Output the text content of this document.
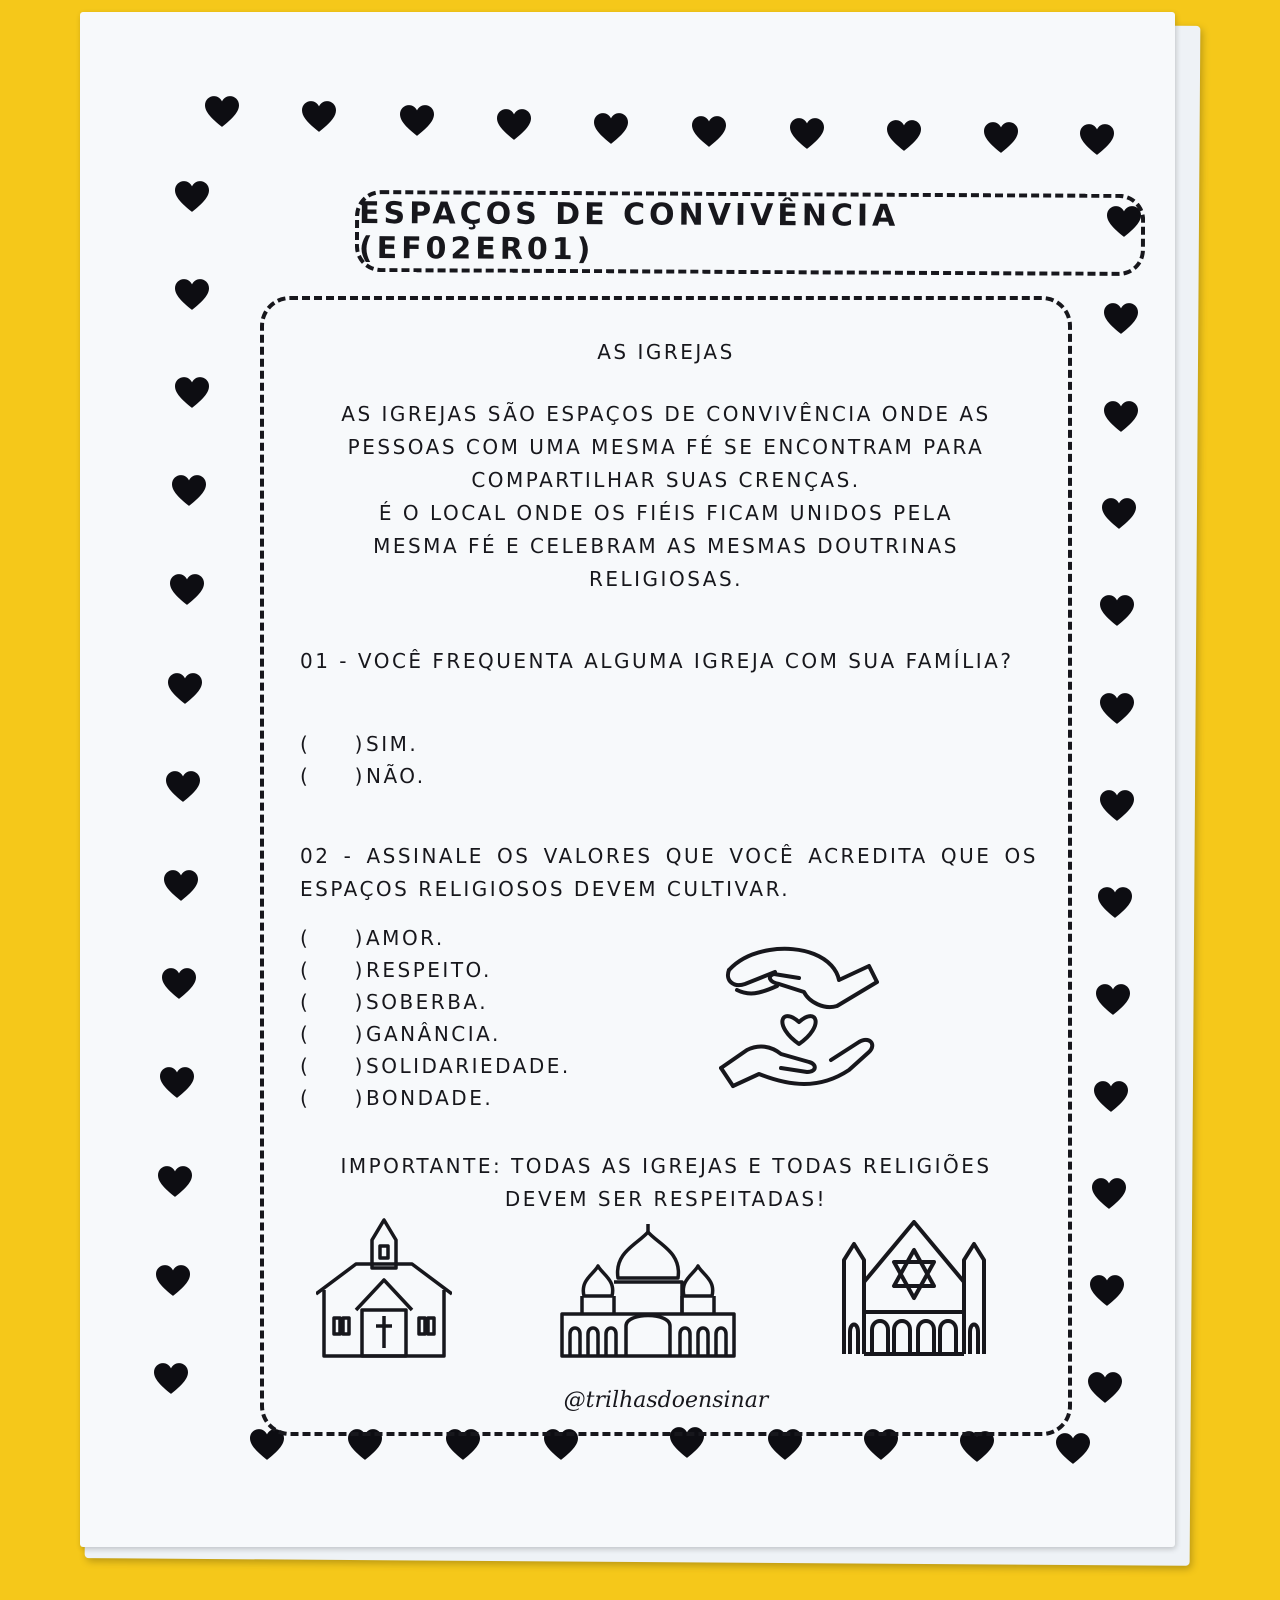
ESPAÇOS DE CONVIVÊNCIA (EF02ER01)
AS IGREJAS
AS IGREJAS SÃO ESPAÇOS DE CONVIVÊNCIA ONDE AS
PESSOAS COM UMA MESMA FÉ SE ENCONTRAM PARA
COMPARTILHAR SUAS CRENÇAS.
É O LOCAL ONDE OS FIÉIS FICAM UNIDOS PELA
MESMA FÉ E CELEBRAM AS MESMAS DOUTRINAS
RELIGIOSAS.
01 - VOCÊ FREQUENTA ALGUMA IGREJA COM SUA FAMÍLIA?
( )SIM.
( )NÃO.
02 - ASSINALE OS VALORES QUE VOCÊ ACREDITA QUE OS ESPAÇOS RELIGIOSOS DEVEM CULTIVAR.
( )AMOR.
( )RESPEITO.
( )SOBERBA.
( )GANÂNCIA.
( )SOLIDARIEDADE.
( )BONDADE.
IMPORTANTE: TODAS AS IGREJAS E TODAS RELIGIÕES
DEVEM SER RESPEITADAS!
@trilhasdoensinar
